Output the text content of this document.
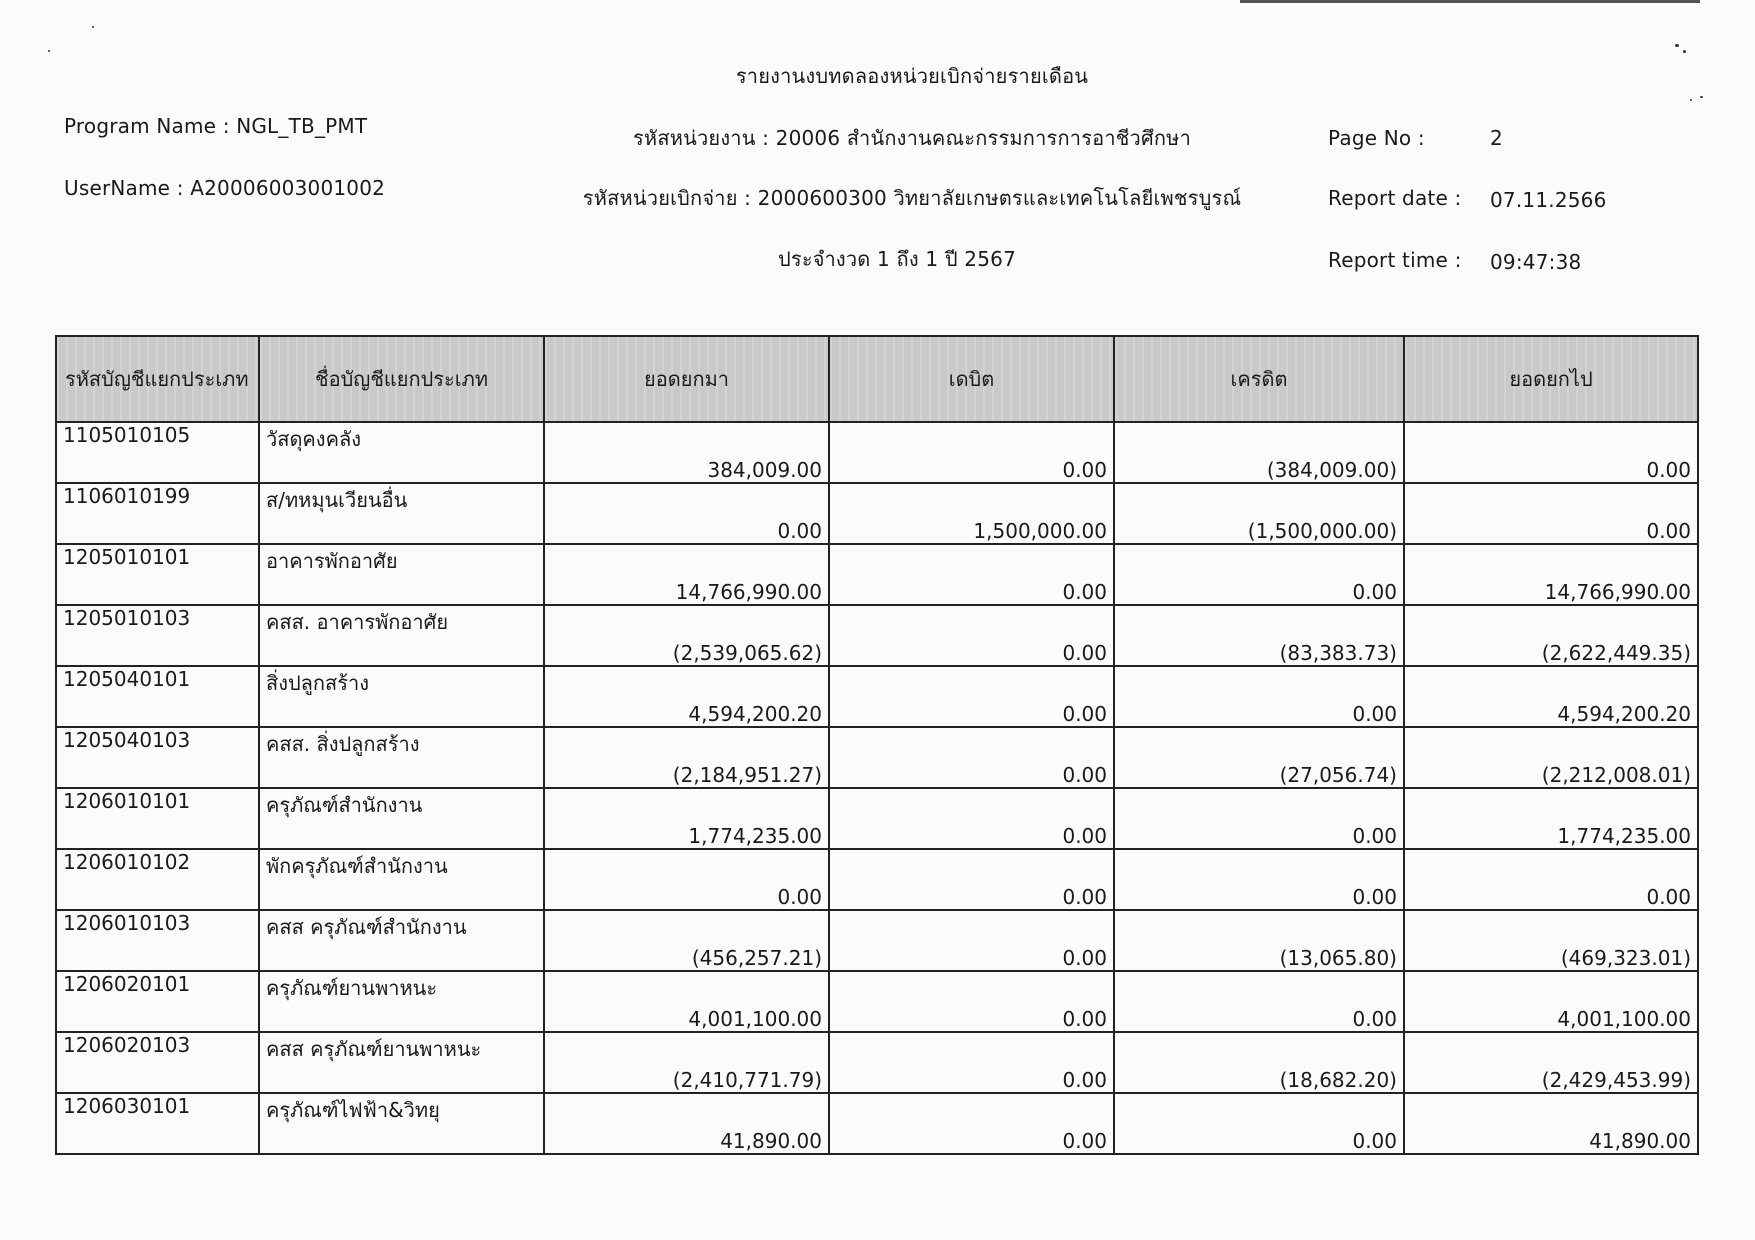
รายงานงบทดลองหน่วยเบิกจ่ายรายเดือน
Program Name : NGL_TB_PMT
UserName : A20006003001002
รหัสหน่วยงาน : 20006 สำนักงานคณะกรรมการการอาชีวศึกษา
รหัสหน่วยเบิกจ่าย : 2000600300 วิทยาลัยเกษตรและเทคโนโลยีเพชรบูรณ์
ประจำงวด 1 ถึง 1 ปี 2567
Page No :	2
Report date : 07.11.2566
Report time : 09:47:38
รหัสบัญชีแยกประเภท	ชื่อบัญชีแยกประเภท	ยอดยกมา	เดบิต	เครดิต	ยอดยกไป
1105010105	วัสดุคงคลัง	384,009.00	0.00	(384,009.00)	0.00
1106010199	ส/ทหมุนเวียนอื่น	0.00	1,500,000.00	(1,500,000.00)	0.00
1205010101	อาคารพักอาศัย	14,766,990.00	0.00	0.00	14,766,990.00
1205010103	คสส. อาคารพักอาศัย	(2,539,065.62)	0.00	(83,383.73)	(2,622,449.35)
1205040101	สิ่งปลูกสร้าง	4,594,200.20	0.00	0.00	4,594,200.20
1205040103	คสส. สิ่งปลูกสร้าง	(2,184,951.27)	0.00	(27,056.74)	(2,212,008.01)
1206010101	ครุภัณฑ์สำนักงาน	1,774,235.00	0.00	0.00	1,774,235.00
1206010102	พักครุภัณฑ์สำนักงาน	0.00	0.00	0.00	0.00
1206010103	คสส ครุภัณฑ์สำนักงาน	(456,257.21)	0.00	(13,065.80)	(469,323.01)
1206020101	ครุภัณฑ์ยานพาหนะ	4,001,100.00	0.00	0.00	4,001,100.00
1206020103	คสส ครุภัณฑ์ยานพาหนะ	(2,410,771.79)	0.00	(18,682.20)	(2,429,453.99)
1206030101	ครุภัณฑ์ไฟฟ้า&วิทยุ	41,890.00	0.00	0.00	41,890.00
